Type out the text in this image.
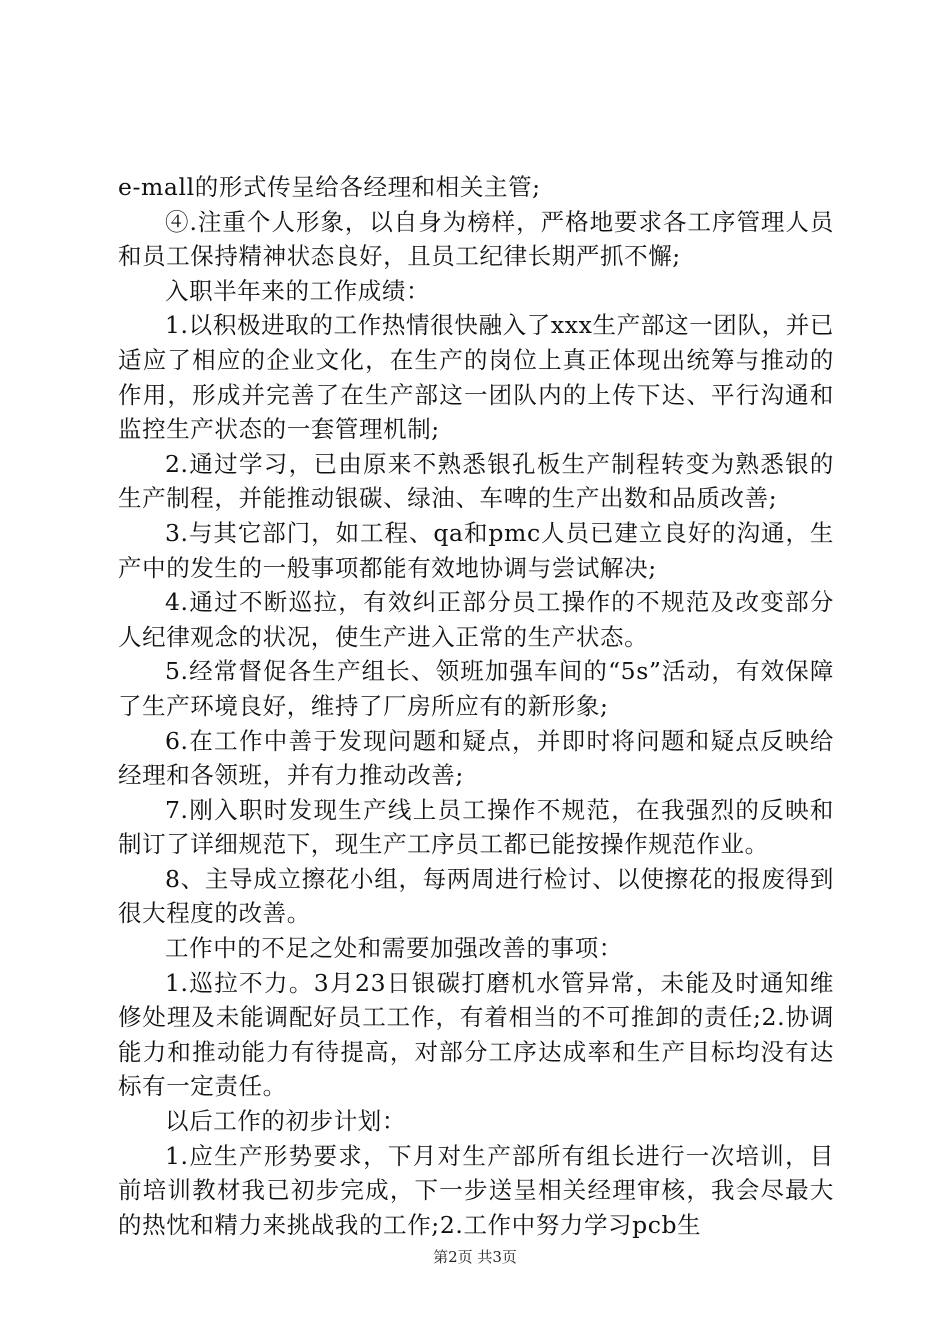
e-mall的形式传呈给各经理和相关主管;

④.注重个人形象，以自身为榜样，严格地要求各工序管理人员和员工保持精神状态良好，且员工纪律长期严抓不懈;

入职半年来的工作成绩：

1.以积极进取的工作热情很快融入了xxx生产部这一团队，并已适应了相应的企业文化，在生产的岗位上真正体现出统筹与推动的作用，形成并完善了在生产部这一团队内的上传下达、平行沟通和监控生产状态的一套管理机制;

2.通过学习，已由原来不熟悉银孔板生产制程转变为熟悉银的生产制程，并能推动银碳、绿油、车啤的生产出数和品质改善;

3.与其它部门，如工程、qa和pmc人员已建立良好的沟通，生产中的发生的一般事项都能有效地协调与尝试解决;

4.通过不断巡拉，有效纠正部分员工操作的不规范及改变部分人纪律观念的状况，使生产进入正常的生产状态。

5.经常督促各生产组长、领班加强车间的“5s”活动，有效保障了生产环境良好，维持了厂房所应有的新形象;

6.在工作中善于发现问题和疑点，并即时将问题和疑点反映给经理和各领班，并有力推动改善;

7.刚入职时发现生产线上员工操作不规范，在我强烈的反映和制订了详细规范下，现生产工序员工都已能按操作规范作业。

8、主导成立擦花小组，每两周进行检讨、以使擦花的报废得到很大程度的改善。

工作中的不足之处和需要加强改善的事项：

1.巡拉不力。3月23日银碳打磨机水管异常，未能及时通知维修处理及未能调配好员工工作，有着相当的不可推卸的责任;2.协调能力和推动能力有待提高，对部分工序达成率和生产目标均没有达标有一定责任。

以后工作的初步计划：

1.应生产形势要求，下月对生产部所有组长进行一次培训，目前培训教材我已初步完成，下一步送呈相关经理审核，我会尽最大的热忱和精力来挑战我的工作;2.工作中努力学习pcb生

第2页 共3页
